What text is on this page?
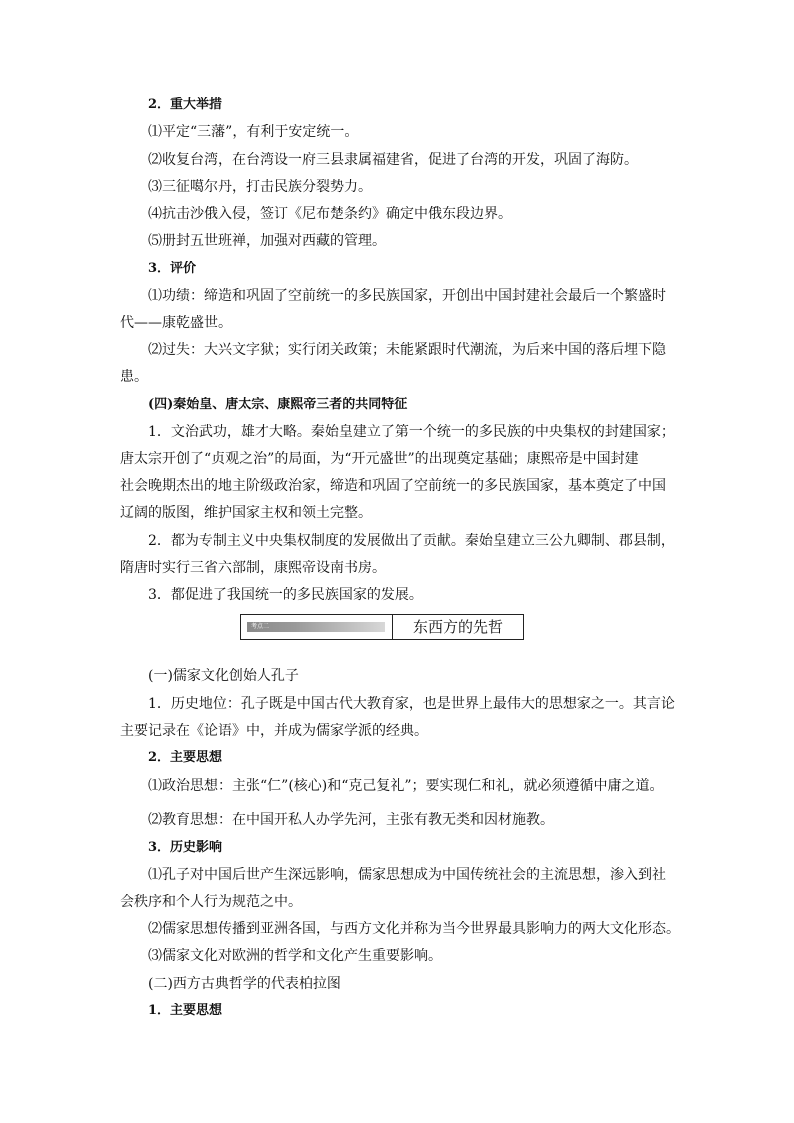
2．重大举措
⑴平定“三藩”，有利于安定统一。
⑵收复台湾，在台湾设一府三县隶属福建省，促进了台湾的开发，巩固了海防。
⑶三征噶尔丹，打击民族分裂势力。
⑷抗击沙俄入侵，签订《尼布楚条约》确定中俄东段边界。
⑸册封五世班禅，加强对西藏的管理。
3．评价
⑴功绩：缔造和巩固了空前统一的多民族国家，开创出中国封建社会最后一个繁盛时
代——康乾盛世。
⑵过失：大兴文字狱；实行闭关政策；未能紧跟时代潮流，为后来中国的落后埋下隐
患。
(四)秦始皇、唐太宗、康熙帝三者的共同特征
1．文治武功，雄才大略。秦始皇建立了第一个统一的多民族的中央集权的封建国家；
唐太宗开创了“贞观之治”的局面，为“开元盛世”的出现奠定基础；康熙帝是中国封建
社会晚期杰出的地主阶级政治家，缔造和巩固了空前统一的多民族国家，基本奠定了中国
辽阔的版图，维护国家主权和领土完整。
2．都为专制主义中央集权制度的发展做出了贡献。秦始皇建立三公九卿制、郡县制，
隋唐时实行三省六部制，康熙帝设南书房。
3．都促进了我国统一的多民族国家的发展。
考点二	东西方的先哲
(一)儒家文化创始人孔子
1．历史地位：孔子既是中国古代大教育家，也是世界上最伟大的思想家之一。其言论
主要记录在《论语》中，并成为儒家学派的经典。
2．主要思想
⑴政治思想：主张“仁”(核心)和“克己复礼”；要实现仁和礼，就必须遵循中庸之道。
⑵教育思想：在中国开私人办学先河，主张有教无类和因材施教。
3．历史影响
⑴孔子对中国后世产生深远影响，儒家思想成为中国传统社会的主流思想，渗入到社
会秩序和个人行为规范之中。
⑵儒家思想传播到亚洲各国，与西方文化并称为当今世界最具影响力的两大文化形态。
⑶儒家文化对欧洲的哲学和文化产生重要影响。
(二)西方古典哲学的代表柏拉图
1．主要思想
